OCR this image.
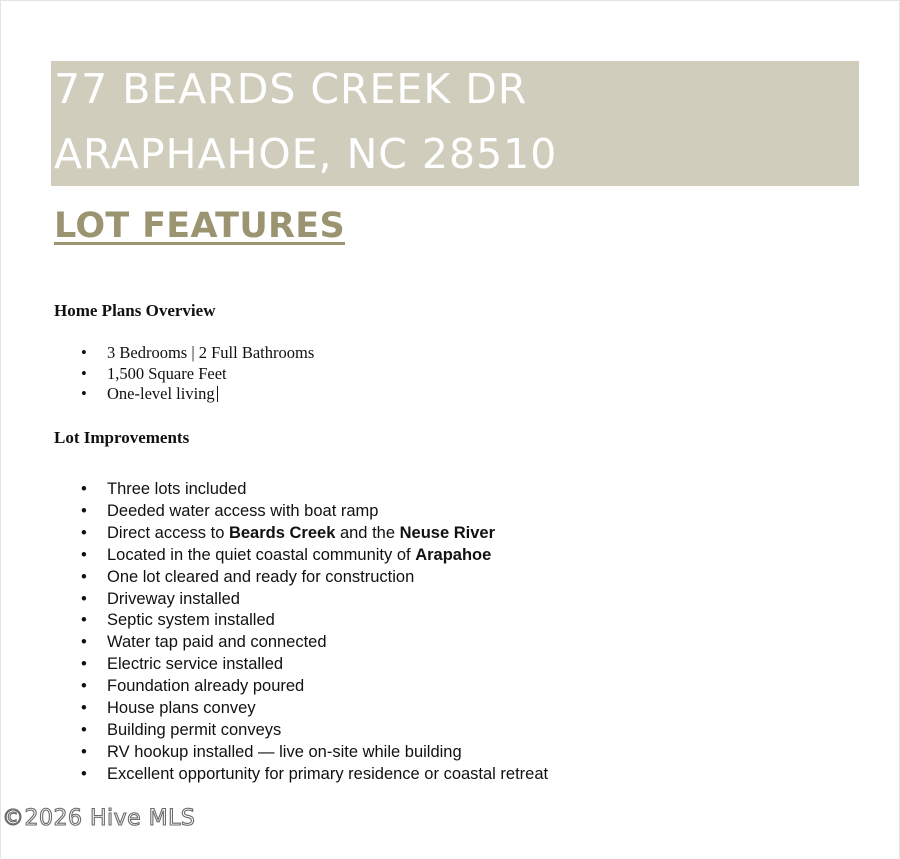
77 BEARDS CREEK DR
ARAPHAHOE, NC 28510
LOT FEATURES
Home Plans Overview
• 3 Bedrooms | 2 Full Bathrooms
• 1,500 Square Feet
• One-level living
Lot Improvements
• Three lots included
• Deeded water access with boat ramp
• Direct access to Beards Creek and the Neuse River
• Located in the quiet coastal community of Arapahoe
• One lot cleared and ready for construction
• Driveway installed
• Septic system installed
• Water tap paid and connected
• Electric service installed
• Foundation already poured
• House plans convey
• Building permit conveys
• RV hookup installed — live on-site while building
• Excellent opportunity for primary residence or coastal retreat
©2026 Hive MLS
